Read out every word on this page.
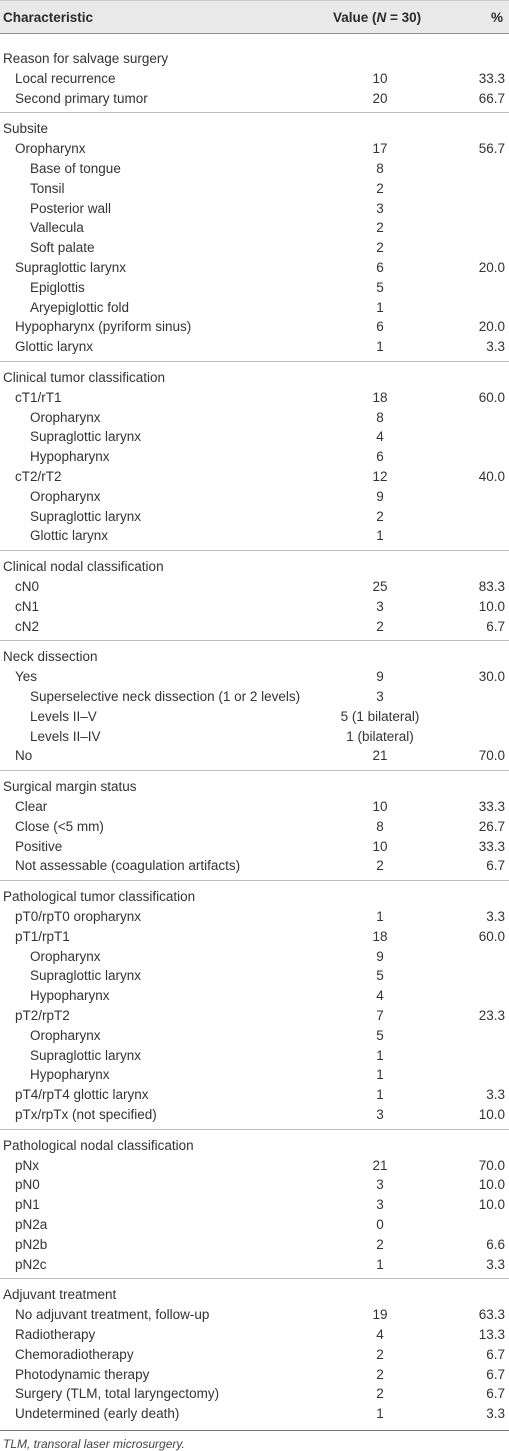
Characteristic	Value (N = 30)	%
Reason for salvage surgery
Local recurrence	10	33.3
Second primary tumor	20	66.7
Subsite
Oropharynx	17	56.7
Base of tongue	8
Tonsil	2
Posterior wall	3
Vallecula	2
Soft palate	2
Supraglottic larynx	6	20.0
Epiglottis	5
Aryepiglottic fold	1
Hypopharynx (pyriform sinus)	6	20.0
Glottic larynx	1	3.3
Clinical tumor classification
cT1/rT1	18	60.0
Oropharynx	8
Supraglottic larynx	4
Hypopharynx	6
cT2/rT2	12	40.0
Oropharynx	9
Supraglottic larynx	2
Glottic larynx	1
Clinical nodal classification
cN0	25	83.3
cN1	3	10.0
cN2	2	6.7
Neck dissection
Yes	9	30.0
Superselective neck dissection (1 or 2 levels)	3
Levels II–V	5 (1 bilateral)
Levels II–IV	1 (bilateral)
No	21	70.0
Surgical margin status
Clear	10	33.3
Close (<5 mm)	8	26.7
Positive	10	33.3
Not assessable (coagulation artifacts)	2	6.7
Pathological tumor classification
pT0/rpT0 oropharynx	1	3.3
pT1/rpT1	18	60.0
Oropharynx	9
Supraglottic larynx	5
Hypopharynx	4
pT2/rpT2	7	23.3
Oropharynx	5
Supraglottic larynx	1
Hypopharynx	1
pT4/rpT4 glottic larynx	1	3.3
pTx/rpTx (not specified)	3	10.0
Pathological nodal classification
pNx	21	70.0
pN0	3	10.0
pN1	3	10.0
pN2a	0
pN2b	2	6.6
pN2c	1	3.3
Adjuvant treatment
No adjuvant treatment, follow-up	19	63.3
Radiotherapy	4	13.3
Chemoradiotherapy	2	6.7
Photodynamic therapy	2	6.7
Surgery (TLM, total laryngectomy)	2	6.7
Undetermined (early death)	1	3.3
TLM, transoral laser microsurgery.
